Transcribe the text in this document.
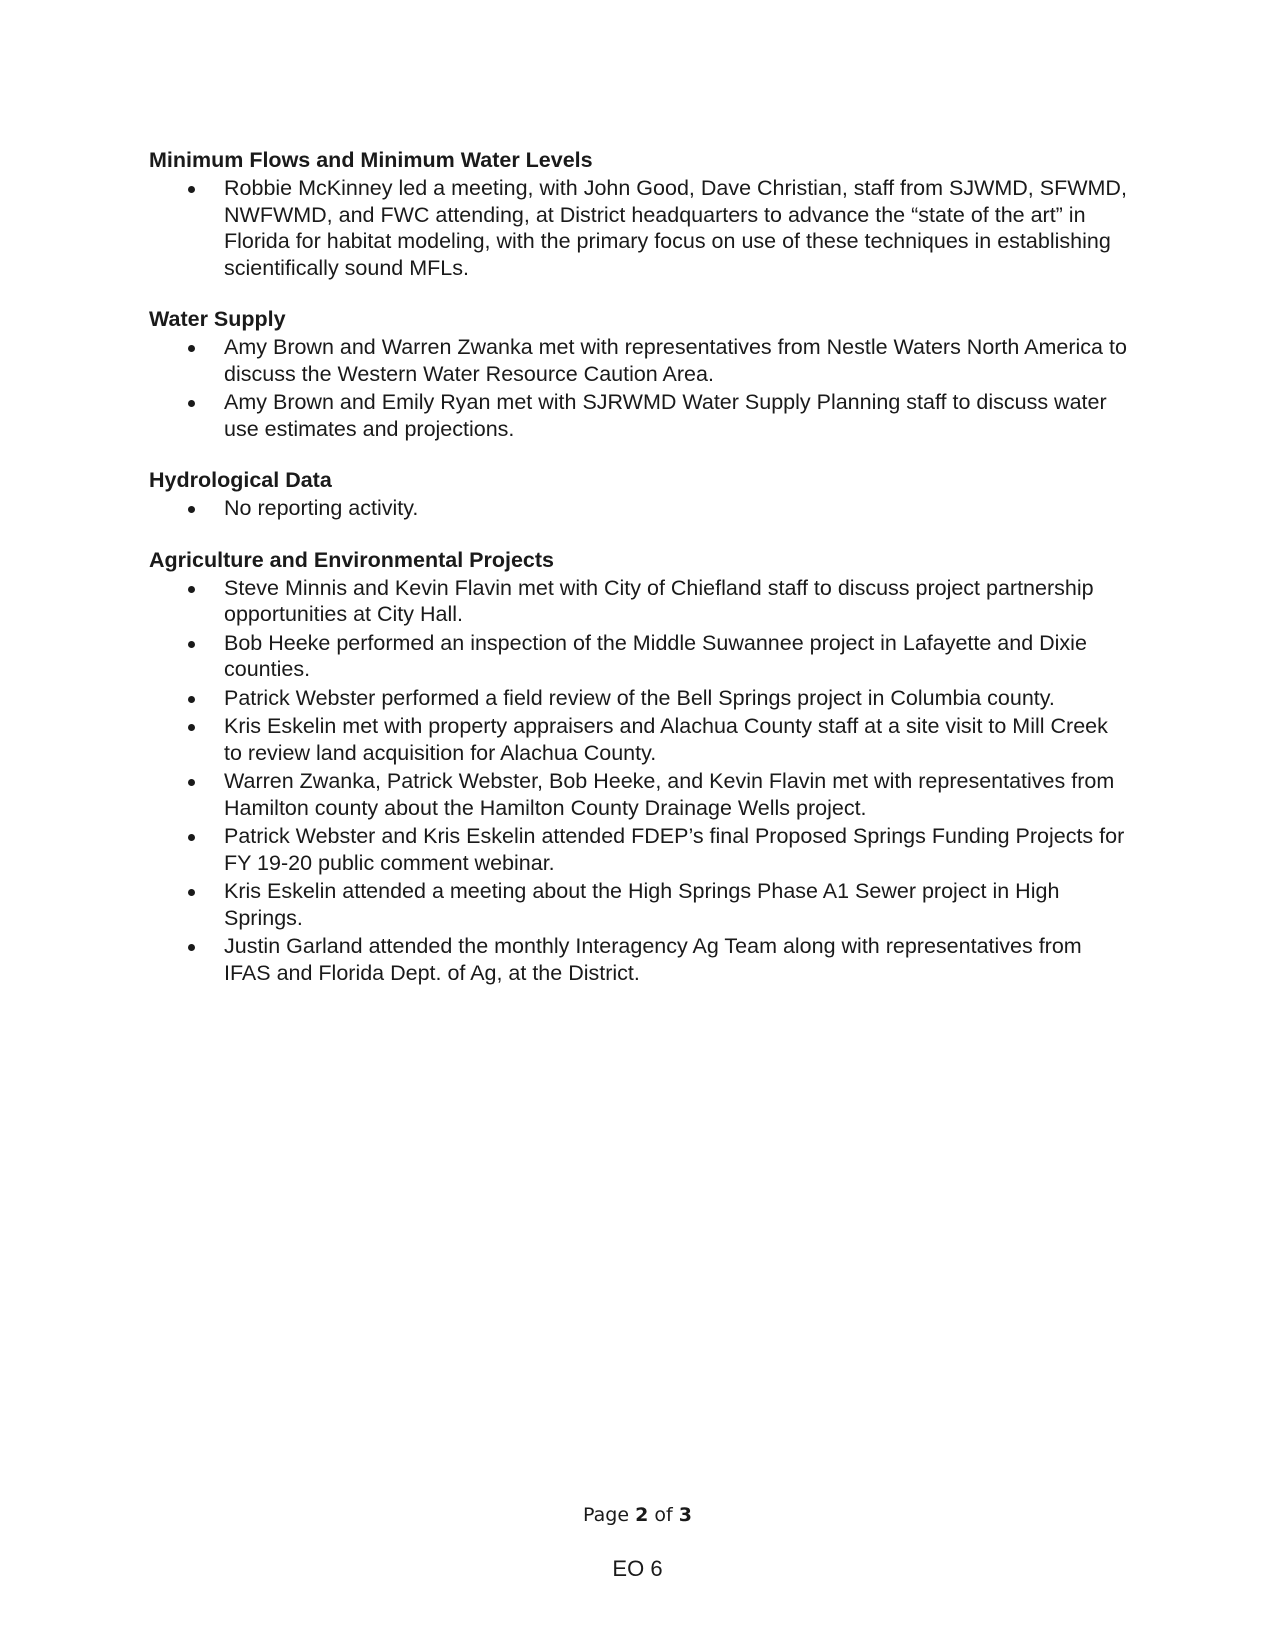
Minimum Flows and Minimum Water Levels

Robbie McKinney led a meeting, with John Good, Dave Christian, staff from SJWMD, SFWMD, NWFWMD, and FWC attending, at District headquarters to advance the “state of the art” in Florida for habitat modeling, with the primary focus on use of these techniques in establishing scientifically sound MFLs.

Water Supply

Amy Brown and Warren Zwanka met with representatives from Nestle Waters North America to discuss the Western Water Resource Caution Area.
Amy Brown and Emily Ryan met with SJRWMD Water Supply Planning staff to discuss water use estimates and projections.

Hydrological Data

No reporting activity.

Agriculture and Environmental Projects

Steve Minnis and Kevin Flavin met with City of Chiefland staff to discuss project partnership opportunities at City Hall.
Bob Heeke performed an inspection of the Middle Suwannee project in Lafayette and Dixie counties.
Patrick Webster performed a field review of the Bell Springs project in Columbia county.
Kris Eskelin met with property appraisers and Alachua County staff at a site visit to Mill Creek to review land acquisition for Alachua County.
Warren Zwanka, Patrick Webster, Bob Heeke, and Kevin Flavin met with representatives from Hamilton county about the Hamilton County Drainage Wells project.
Patrick Webster and Kris Eskelin attended FDEP’s final Proposed Springs Funding Projects for FY 19-20 public comment webinar.
Kris Eskelin attended a meeting about the High Springs Phase A1 Sewer project in High Springs.
Justin Garland attended the monthly Interagency Ag Team along with representatives from IFAS and Florida Dept. of Ag, at the District.
Page 2 of 3
EO 6
